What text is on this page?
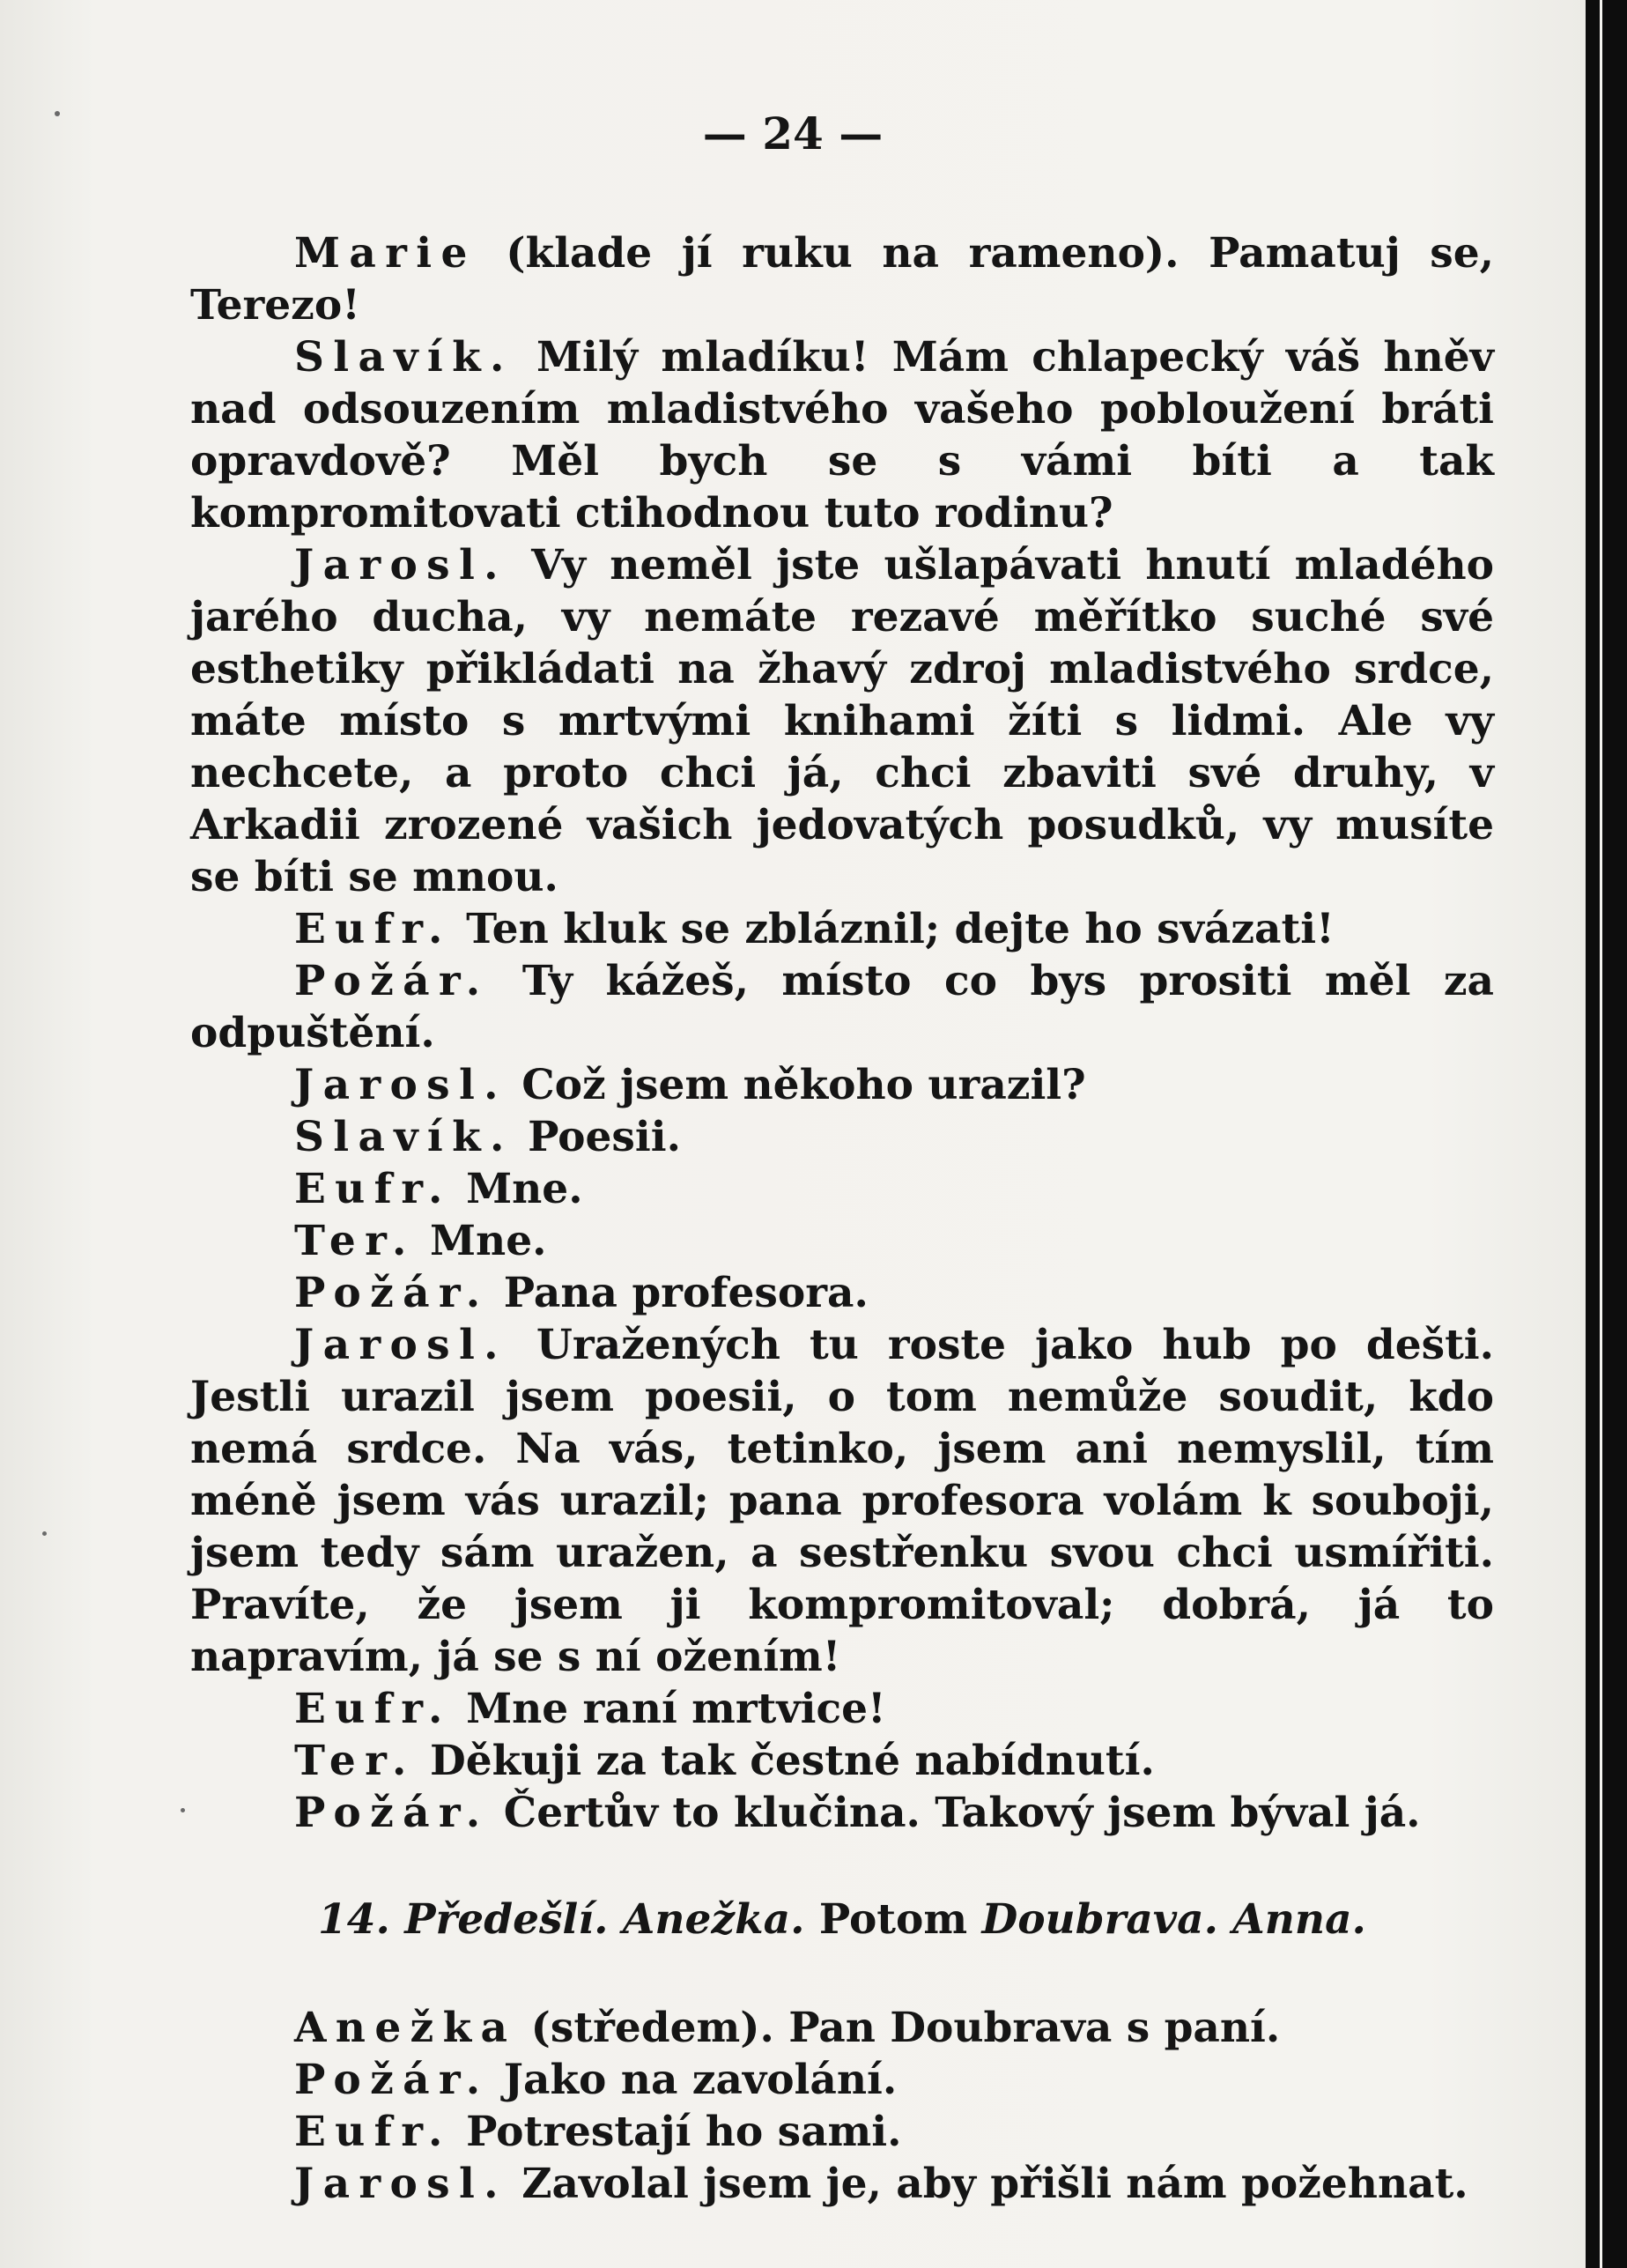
— 24 —

Marie (klade jí ruku na rameno). Pamatuj se, Terezo!

Slavík. Milý mladíku! Mám chlapecký váš hněv nad odsouzením mladistvého vašeho pobloužení bráti opravdově? Měl bych se s vámi bíti a tak kompromitovati ctihodnou tuto rodinu?

Jarosl. Vy neměl jste ušlapávati hnutí mladého jarého ducha, vy nemáte rezavé měřítko suché své esthetiky přikládati na žhavý zdroj mladistvého srdce, máte místo s mrtvými knihami žíti s lidmi. Ale vy nechcete, a proto chci já, chci zbaviti své druhy, v Arkadii zrozené vašich jedovatých posudků, vy musíte se bíti se mnou.

Eufr. Ten kluk se zbláznil; dejte ho svázati!

Požár. Ty kážeš, místo co bys prositi měl za odpuštění.

Jarosl. Což jsem někoho urazil?

Slavík. Poesii.

Eufr. Mne.

Ter. Mne.

Požár. Pana profesora.

Jarosl. Uražených tu roste jako hub po dešti. Jestli urazil jsem poesii, o tom nemůže soudit, kdo nemá srdce. Na vás, tetinko, jsem ani nemyslil, tím méně jsem vás urazil; pana profesora volám k souboji, jsem tedy sám uražen, a sestřenku svou chci usmířiti. Pravíte, že jsem ji kompromitoval; dobrá, já to napravím, já se s ní ožením!

Eufr. Mne raní mrtvice!

Ter. Děkuji za tak čestné nabídnutí.

Požár. Čertův to klučina. Takový jsem býval já.

14. Předešlí. Anežka. Potom Doubrava. Anna.

Anežka (středem). Pan Doubrava s paní.

Požár. Jako na zavolání.

Eufr. Potrestají ho sami.

Jarosl. Zavolal jsem je, aby přišli nám požehnat.
